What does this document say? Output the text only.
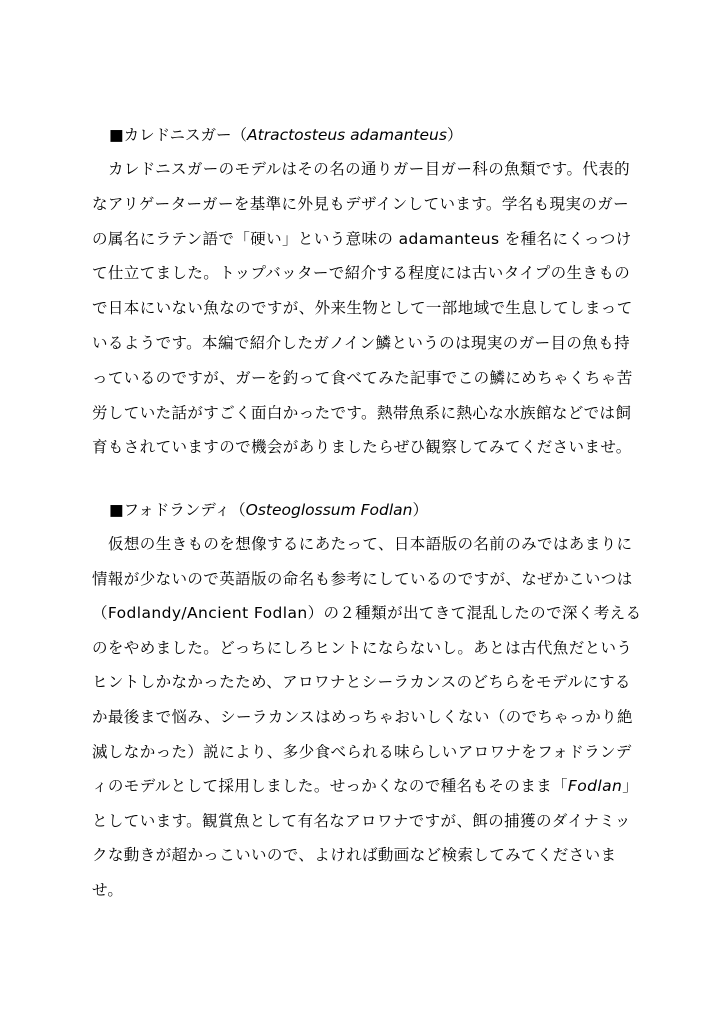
■カレドニスガー（Atractosteus adamanteus）
カレドニスガーのモデルはその名の通りガー目ガー科の魚類です。代表的
なアリゲーターガーを基準に外見もデザインしています。学名も現実のガー
の属名にラテン語で「硬い」という意味の adamanteus を種名にくっつけ
て仕立てました。トップバッターで紹介する程度には古いタイプの生きもの
で日本にいない魚なのですが、外来生物として一部地域で生息してしまって
いるようです。本編で紹介したガノイン鱗というのは現実のガー目の魚も持
っているのですが、ガーを釣って食べてみた記事でこの鱗にめちゃくちゃ苦
労していた話がすごく面白かったです。熱帯魚系に熱心な水族館などでは飼
育もされていますので機会がありましたらぜひ観察してみてくださいませ。
■フォドランディ（Osteoglossum Fodlan）
仮想の生きものを想像するにあたって、日本語版の名前のみではあまりに
情報が少ないので英語版の命名も参考にしているのですが、なぜかこいつは
（Fodlandy/Ancient Fodlan）の２種類が出てきて混乱したので深く考える
のをやめました。どっちにしろヒントにならないし。あとは古代魚だという
ヒントしかなかったため、アロワナとシーラカンスのどちらをモデルにする
か最後まで悩み、シーラカンスはめっちゃおいしくない（のでちゃっかり絶
滅しなかった）説により、多少食べられる味らしいアロワナをフォドランデ
ィのモデルとして採用しました。せっかくなので種名もそのまま「Fodlan」
としています。観賞魚として有名なアロワナですが、餌の捕獲のダイナミッ
クな動きが超かっこいいので、よければ動画など検索してみてくださいま
せ。
